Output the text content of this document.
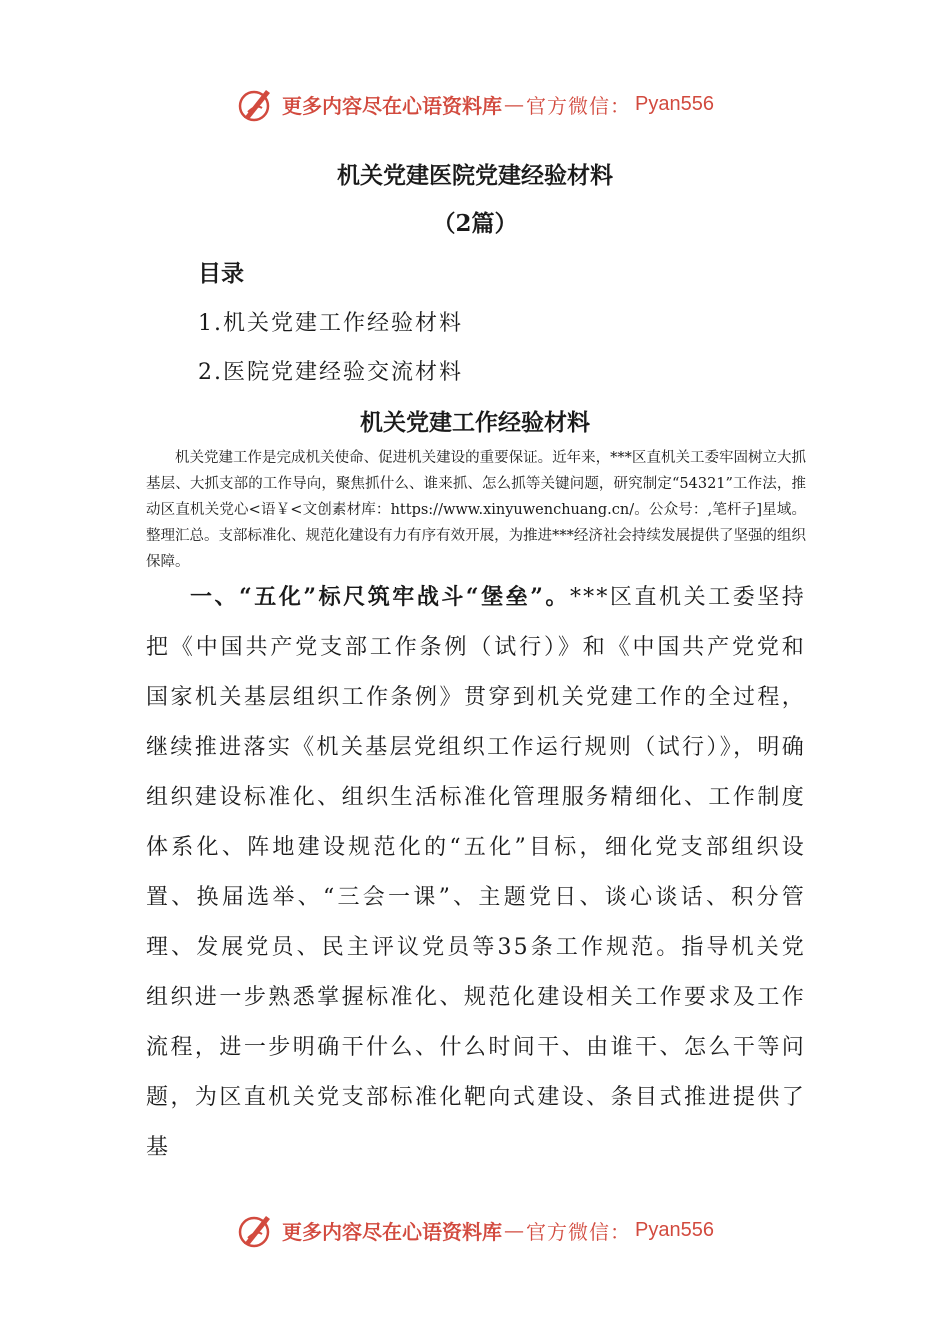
更多内容尽在心语资料库 — 官方微信： Pyan556
机关党建医院党建经验材料
（2篇）
目录
1.机关党建工作经验材料
2.医院党建经验交流材料
机关党建工作经验材料
机关党建工作是完成机关使命、促进机关建设的重要保证。近年来，***区直机关工委牢固树立大抓基层、大抓支部的工作导向，聚焦抓什么、谁来抓、怎么抓等关键问题，研究制定“54321”工作法，推动区直机关党心<语￥<文创素材库：https://www.xinyuwenchuang.cn/。公众号：,笔杆子]星域。整理汇总。支部标准化、规范化建设有力有序有效开展，为推进***经济社会持续发展提供了坚强的组织保障。

一、“五化”标尺筑牢战斗“堡垒”。***区直机关工委坚持把《中国共产党支部工作条例（试行）》和《中国共产党党和国家机关基层组织工作条例》贯穿到机关党建工作的全过程，继续推进落实《机关基层党组织工作运行规则（试行）》，明确组织建设标准化、组织生活标准化管理服务精细化、工作制度体系化、阵地建设规范化的“五化”目标，细化党支部组织设置、换届选举、“三会一课”、主题党日、谈心谈话、积分管理、发展党员、民主评议党员等35条工作规范。指导机关党组织进一步熟悉掌握标准化、规范化建设相关工作要求及工作流程，进一步明确干什么、什么时间干、由谁干、怎么干等问题，为区直机关党支部标准化靶向式建设、条目式推进提供了基

更多内容尽在心语资料库 — 官方微信： Pyan556
